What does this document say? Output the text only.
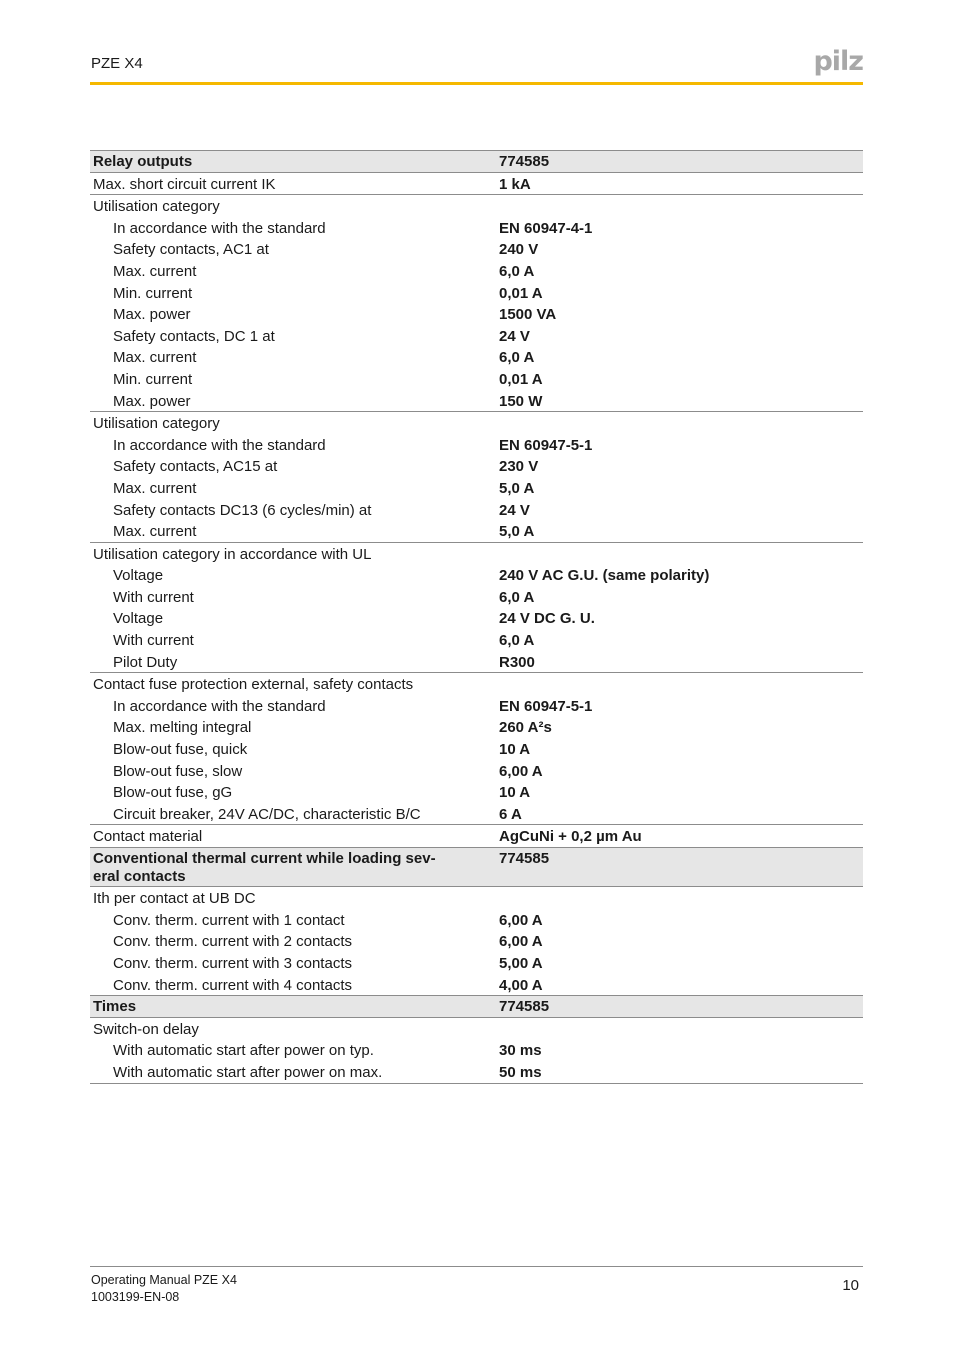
PZE X4	pilz
Relay outputs	774585
Max. short circuit current IK	1 kA
Utilisation category	
In accordance with the standard	EN 60947-4-1
Safety contacts, AC1 at	240 V
Max. current	6,0 A
Min. current	0,01 A
Max. power	1500 VA
Safety contacts, DC 1 at	24 V
Max. current	6,0 A
Min. current	0,01 A
Max. power	150 W
Utilisation category	
In accordance with the standard	EN 60947-5-1
Safety contacts, AC15 at	230 V
Max. current	5,0 A
Safety contacts DC13 (6 cycles/min) at	24 V
Max. current	5,0 A
Utilisation category in accordance with UL	
Voltage	240 V AC G.U. (same polarity)
With current	6,0 A
Voltage	24 V DC G. U.
With current	6,0 A
Pilot Duty	R300
Contact fuse protection external, safety contacts	
In accordance with the standard	EN 60947-5-1
Max. melting integral	260 A²s
Blow-out fuse, quick	10 A
Blow-out fuse, slow	6,00 A
Blow-out fuse, gG	10 A
Circuit breaker, 24V AC/DC, characteristic B/C	6 A
Contact material	AgCuNi + 0,2 µm Au
Conventional thermal current while loading sev-
eral contacts	774585
Ith per contact at UB DC	
Conv. therm. current with 1 contact	6,00 A
Conv. therm. current with 2 contacts	6,00 A
Conv. therm. current with 3 contacts	5,00 A
Conv. therm. current with 4 contacts	4,00 A
Times	774585
Switch-on delay	
With automatic start after power on typ.	30 ms
With automatic start after power on max.	50 ms
Operating Manual PZE X4
1003199-EN-08
10
